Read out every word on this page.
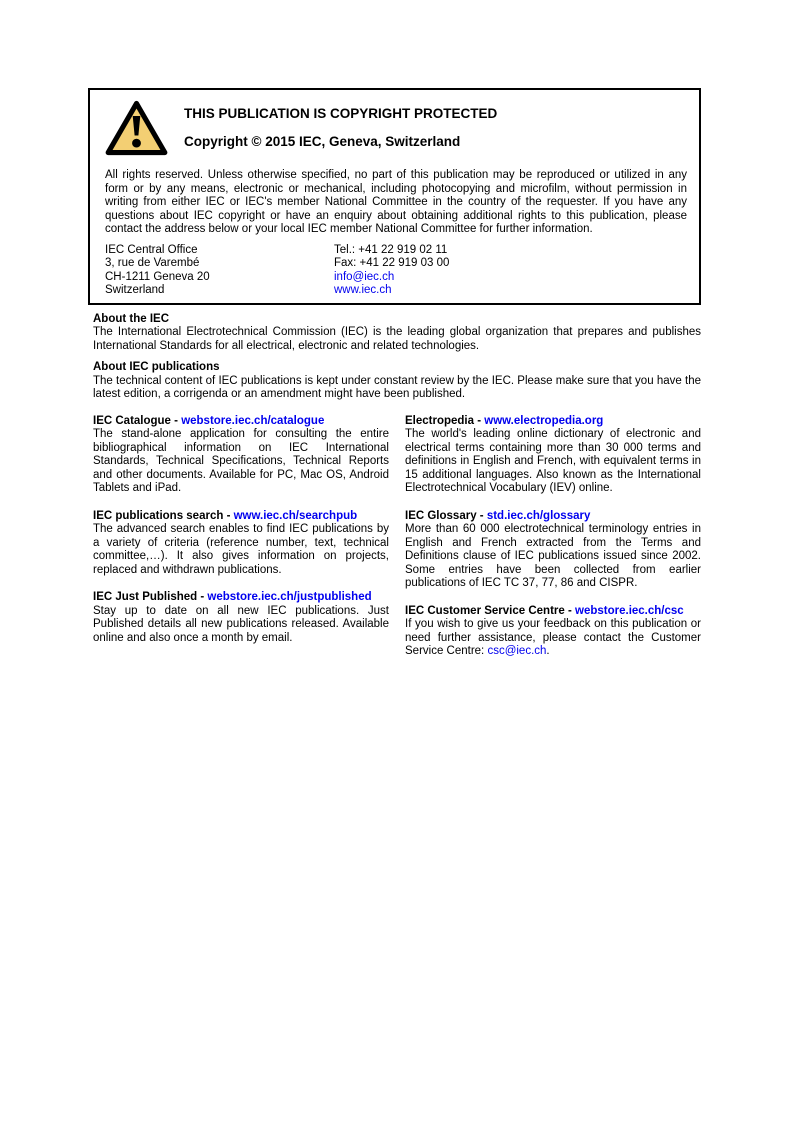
THIS PUBLICATION IS COPYRIGHT PROTECTED
Copyright © 2015 IEC, Geneva, Switzerland
All rights reserved. Unless otherwise specified, no part of this publication may be reproduced or utilized in any form or by any means, electronic or mechanical, including photocopying and microfilm, without permission in writing from either IEC or IEC's member National Committee in the country of the requester. If you have any questions about IEC copyright or have an enquiry about obtaining additional rights to this publication, please contact the address below or your local IEC member National Committee for further information.
IEC Central Office
3, rue de Varembé
CH-1211 Geneva 20
Switzerland
Tel.: +41 22 919 02 11
Fax: +41 22 919 03 00
info@iec.ch
www.iec.ch
About the IEC
The International Electrotechnical Commission (IEC) is the leading global organization that prepares and publishes International Standards for all electrical, electronic and related technologies.
About IEC publications
The technical content of IEC publications is kept under constant review by the IEC. Please make sure that you have the latest edition, a corrigenda or an amendment might have been published.
IEC Catalogue - webstore.iec.ch/catalogue
The stand-alone application for consulting the entire bibliographical information on IEC International Standards, Technical Specifications, Technical Reports and other documents. Available for PC, Mac OS, Android Tablets and iPad.
IEC publications search - www.iec.ch/searchpub
The advanced search enables to find IEC publications by a variety of criteria (reference number, text, technical committee,…). It also gives information on projects, replaced and withdrawn publications.
IEC Just Published - webstore.iec.ch/justpublished
Stay up to date on all new IEC publications. Just Published details all new publications released. Available online and also once a month by email.
Electropedia - www.electropedia.org
The world's leading online dictionary of electronic and electrical terms containing more than 30 000 terms and definitions in English and French, with equivalent terms in 15 additional languages. Also known as the International Electrotechnical Vocabulary (IEV) online.
IEC Glossary - std.iec.ch/glossary
More than 60 000 electrotechnical terminology entries in English and French extracted from the Terms and Definitions clause of IEC publications issued since 2002. Some entries have been collected from earlier publications of IEC TC 37, 77, 86 and CISPR.
IEC Customer Service Centre - webstore.iec.ch/csc
If you wish to give us your feedback on this publication or need further assistance, please contact the Customer Service Centre: csc@iec.ch.
